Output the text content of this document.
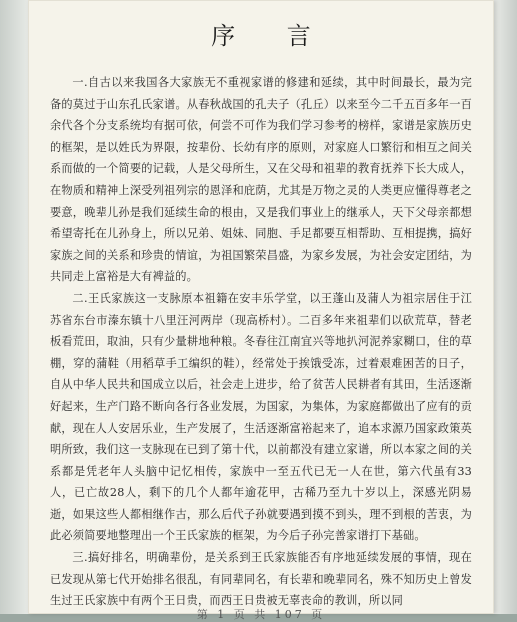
序 言

一.自古以来我国各大家族无不重视家谱的修建和延续，其中时间最长，最为完备的莫过于山东孔氏家谱。从春秋战国的孔夫子（孔丘）以来至今二千五百多年一百余代各个分支系统均有据可依，何尝不可作为我们学习参考的榜样，家谱是家族历史的框架，是以姓氏为界限，按辈份、长幼有序的原则，对家庭人口繁衍和相互之间关系而做的一个简要的记载，人是父母所生，又在父母和祖辈的教育抚养下长大成人，在物质和精神上深受列祖列宗的恩泽和庇荫，尤其是万物之灵的人类更应懂得尊老之要意，晚辈儿孙是我们延续生命的根由，又是我们事业上的继承人，天下父母亲都想希望寄托在儿孙身上，所以兄弟、姐妹、同胞、手足都要互相帮助、互相提携，搞好家族之间的关系和珍贵的情谊，为祖国繁荣昌盛，为家乡发展，为社会安定团结，为共同走上富裕是大有裨益的。

二.王氏家族这一支脉原本祖籍在安丰乐学堂，以王蓬山及蒲人为祖宗居住于江苏省东台市溱东镇十八里汪河两岸（现高桥村）。二百多年来祖辈们以砍荒草，替老板看荒田，取油，只有少量耕地种粮。冬春往江南宜兴等地扒河泥养家糊口，住的草棚，穿的蒲鞋（用稻草手工编织的鞋），经常处于挨饿受冻，过着艰难困苦的日子，自从中华人民共和国成立以后，社会走上进步，给了贫苦人民耕者有其田，生活逐渐好起来，生产门路不断向各行各业发展，为国家，为集体，为家庭都做出了应有的贡献，现在人人安居乐业，生产发展了，生活逐渐富裕起来了，追本求源乃国家政策英明所致，我们这一支脉现在已到了第十代，以前都没有建立家谱，所以本家之间的关系都是凭老年人头脑中记忆相传，家族中一至五代已无一人在世，第六代虽有33人，已亡故28人，剩下的几个人都年逾花甲，古稀乃至九十岁以上，深感光阴易逝，如果这些人都相继作古，那么后代子孙就要遇到摸不到头，理不到根的苦衷，为此必须简要地整理出一个王氏家族的框架，为今后子孙完善家谱打下基础。

三.搞好排名，明确辈份，是关系到王氏家族能否有序地延续发展的事情，现在已发现从第七代开始排名很乱，有同辈同名，有长辈和晚辈同名，殊不知历史上曾发生过王氏家族中有两个王日贵，而西王日贵被无辜丧命的教训，所以同

第 1 页 共 107 页
